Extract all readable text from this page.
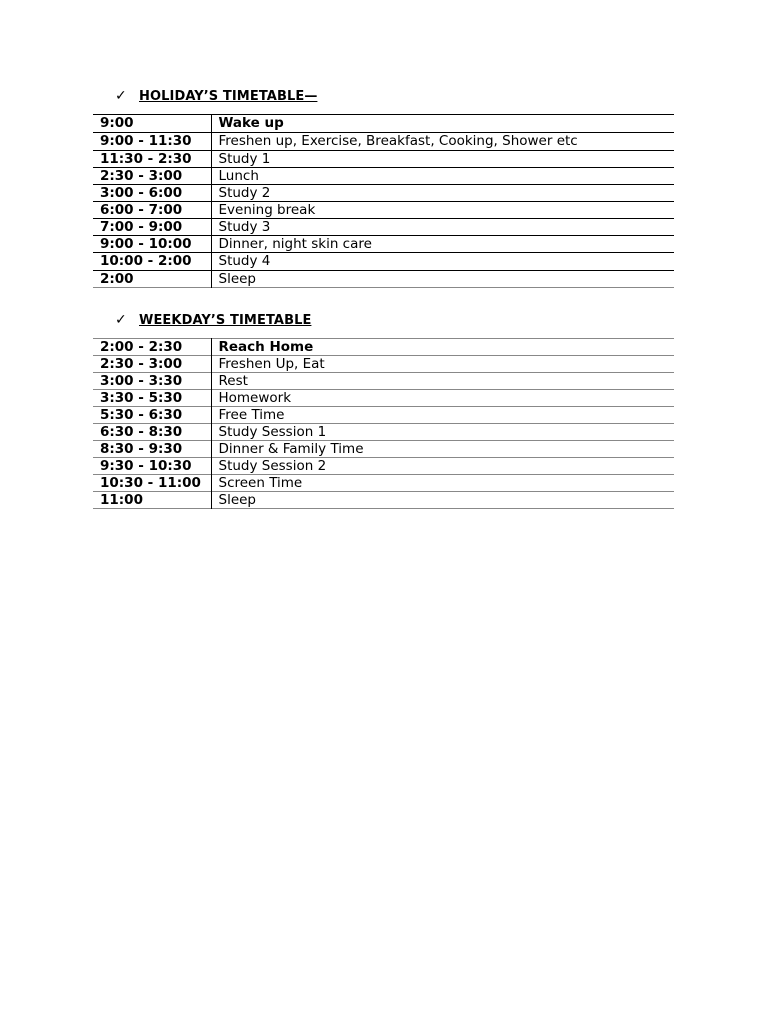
✓ HOLIDAY’S TIMETABLE—
9:00	Wake up
9:00 - 11:30	Freshen up, Exercise, Breakfast, Cooking, Shower etc
11:30 - 2:30	Study 1
2:30 - 3:00	Lunch
3:00 - 6:00	Study 2
6:00 - 7:00	Evening break
7:00 - 9:00	Study 3
9:00 - 10:00	Dinner, night skin care
10:00 - 2:00	Study 4
2:00	Sleep
✓ WEEKDAY’S TIMETABLE
2:00 - 2:30	Reach Home
2:30 - 3:00	Freshen Up, Eat
3:00 - 3:30	Rest
3:30 - 5:30	Homework
5:30 - 6:30	Free Time
6:30 - 8:30	Study Session 1
8:30 - 9:30	Dinner & Family Time
9:30 - 10:30	Study Session 2
10:30 - 11:00	Screen Time
11:00	Sleep
